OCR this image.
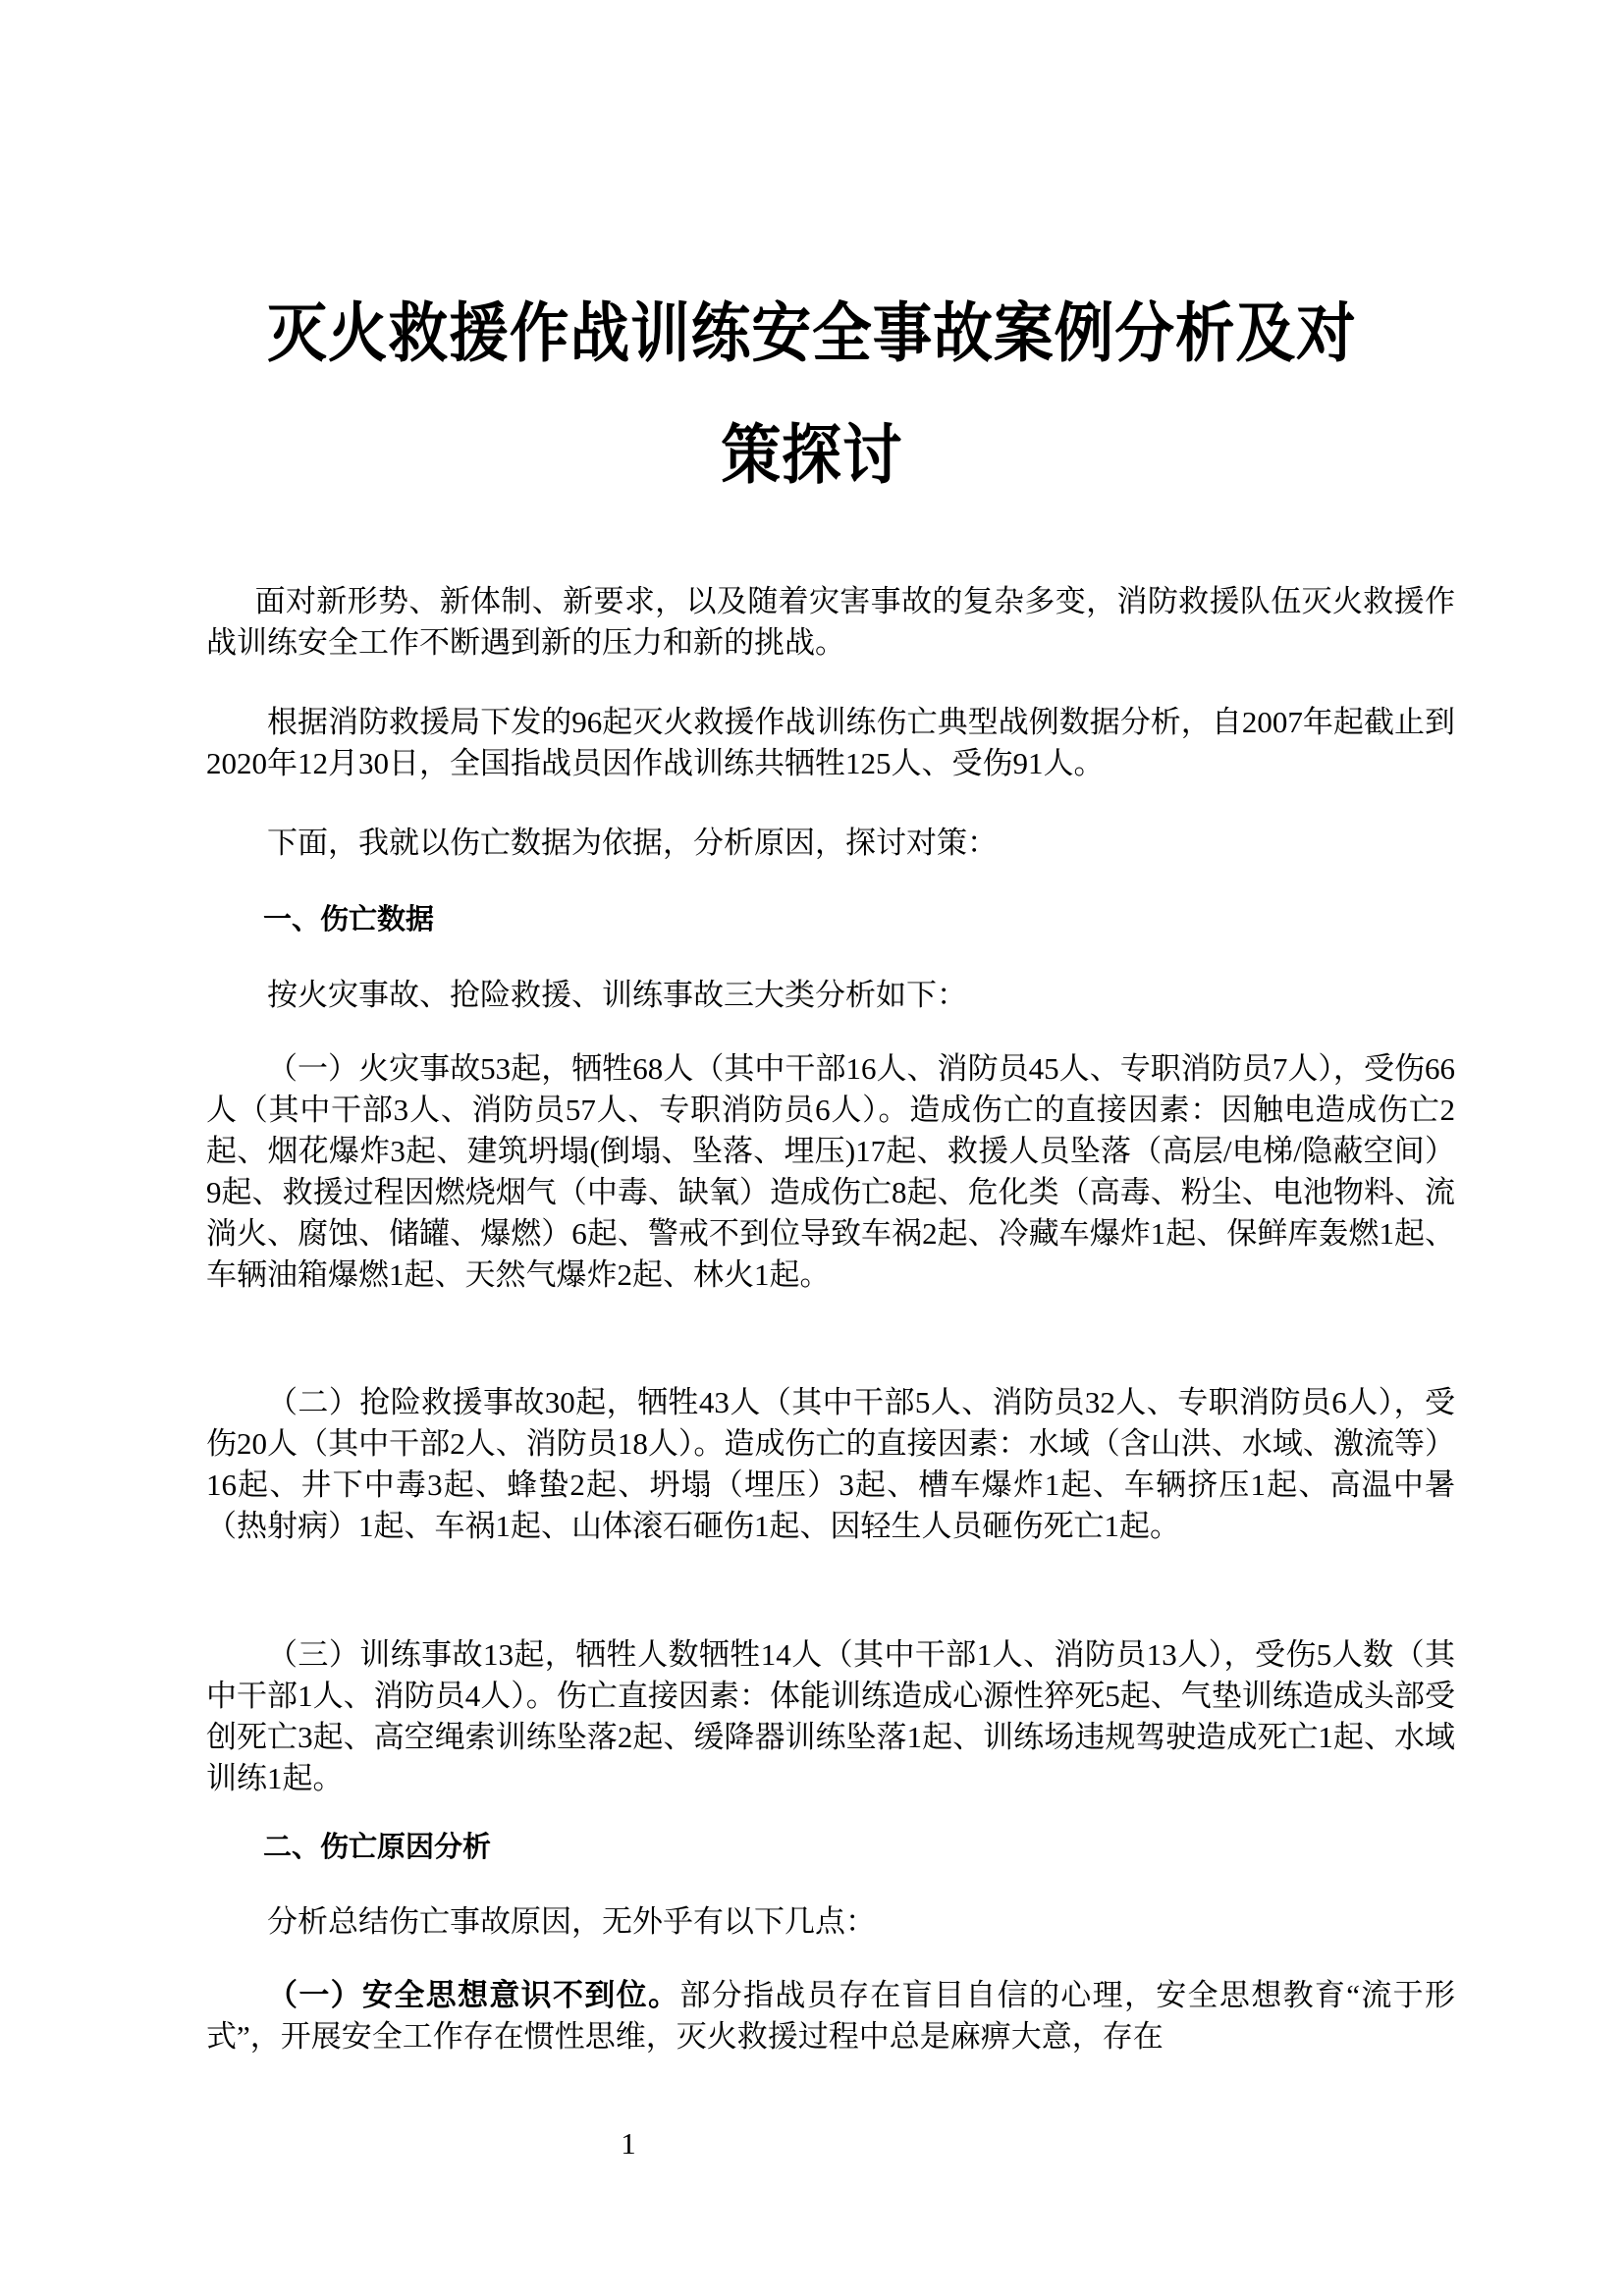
灭火救援作战训练安全事故案例分析及对
策探讨

面对新形势、新体制、新要求，以及随着灾害事故的复杂多变，消防救援队伍灭火救援作战训练安全工作不断遇到新的压力和新的挑战。

根据消防救援局下发的96起灭火救援作战训练伤亡典型战例数据分析，自2007年起截止到2020年12月30日，全国指战员因作战训练共牺牲125人、受伤91人。

下面，我就以伤亡数据为依据，分析原因，探讨对策：

一、伤亡数据

按火灾事故、抢险救援、训练事故三大类分析如下：

（一）火灾事故53起，牺牲68人（其中干部16人、消防员45人、专职消防员7人），受伤66人（其中干部3人、消防员57人、专职消防员6人）。造成伤亡的直接因素：因触电造成伤亡2起、烟花爆炸3起、建筑坍塌(倒塌、坠落、埋压)17起、救援人员坠落（高层/电梯/隐蔽空间）9起、救援过程因燃烧烟气（中毒、缺氧）造成伤亡8起、危化类（高毒、粉尘、电池物料、流淌火、腐蚀、储罐、爆燃）6起、警戒不到位导致车祸2起、冷藏车爆炸1起、保鲜库轰燃1起、车辆油箱爆燃1起、天然气爆炸2起、林火1起。

（二）抢险救援事故30起，牺牲43人（其中干部5人、消防员32人、专职消防员6人），受伤20人（其中干部2人、消防员18人）。造成伤亡的直接因素：水域（含山洪、水域、激流等）16起、井下中毒3起、蜂蛰2起、坍塌（埋压）3起、槽车爆炸1起、车辆挤压1起、高温中暑（热射病）1起、车祸1起、山体滚石砸伤1起、因轻生人员砸伤死亡1起。

（三）训练事故13起，牺牲人数牺牲14人（其中干部1人、消防员13人），受伤5人数（其中干部1人、消防员4人）。伤亡直接因素：体能训练造成心源性猝死5起、气垫训练造成头部受创死亡3起、高空绳索训练坠落2起、缓降器训练坠落1起、训练场违规驾驶造成死亡1起、水域训练1起。

二、伤亡原因分析

分析总结伤亡事故原因，无外乎有以下几点：

（一）安全思想意识不到位。部分指战员存在盲目自信的心理，安全思想教育“流于形式”，开展安全工作存在惯性思维，灭火救援过程中总是麻痹大意，存在

1
